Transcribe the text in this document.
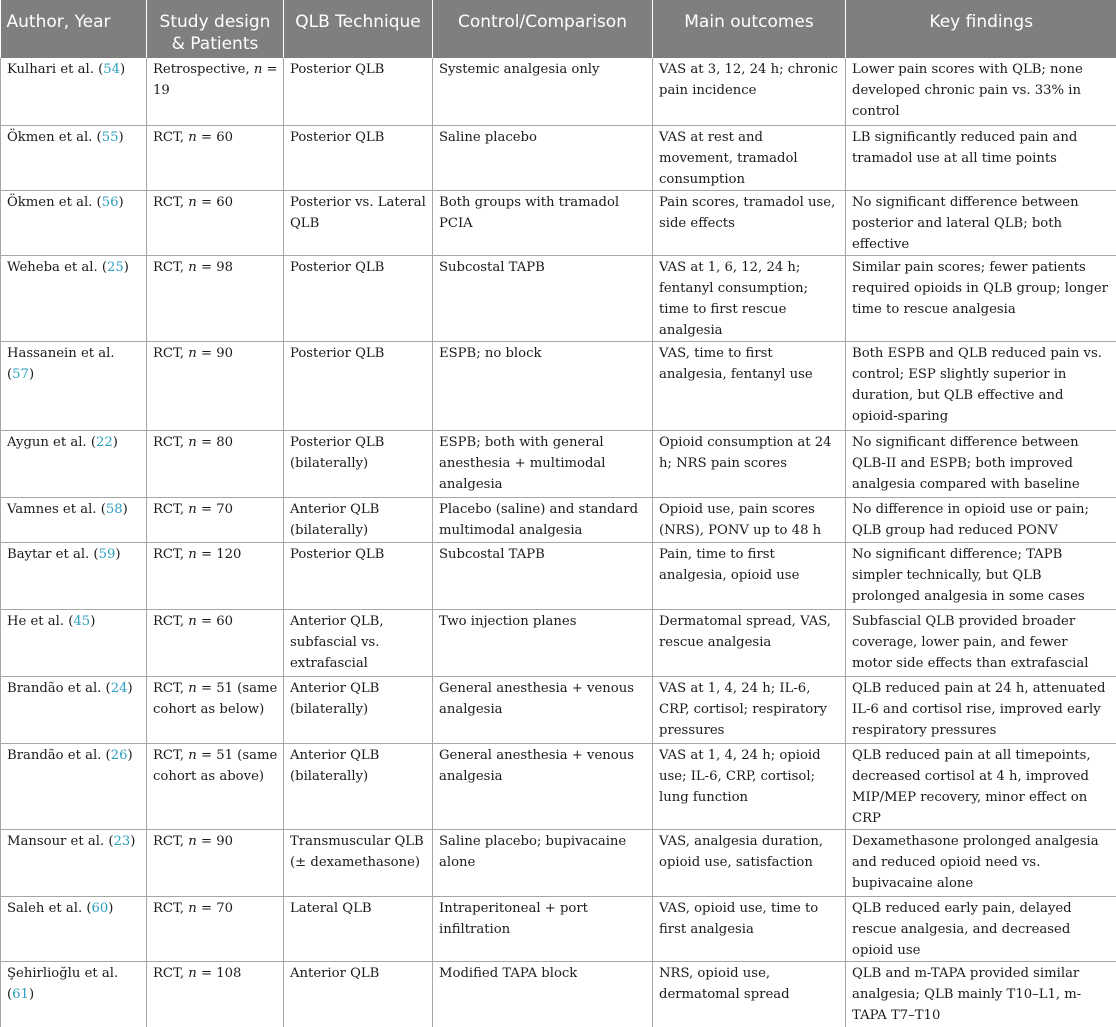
Author, Year	Study design & Patients	QLB Technique	Control/Comparison	Main outcomes	Key findings
Kulhari et al. (54)	Retrospective, n = 19	Posterior QLB	Systemic analgesia only	VAS at 3, 12, 24 h; chronic pain incidence	Lower pain scores with QLB; none developed chronic pain vs. 33% in control
Ökmen et al. (55)	RCT, n = 60	Posterior QLB	Saline placebo	VAS at rest and movement, tramadol consumption	LB significantly reduced pain and tramadol use at all time points
Ökmen et al. (56)	RCT, n = 60	Posterior vs. Lateral QLB	Both groups with tramadol PCIA	Pain scores, tramadol use, side effects	No significant difference between posterior and lateral QLB; both effective
Weheba et al. (25)	RCT, n = 98	Posterior QLB	Subcostal TAPB	VAS at 1, 6, 12, 24 h; fentanyl consumption; time to first rescue analgesia	Similar pain scores; fewer patients required opioids in QLB group; longer time to rescue analgesia
Hassanein et al. (57)	RCT, n = 90	Posterior QLB	ESPB; no block	VAS, time to first analgesia, fentanyl use	Both ESPB and QLB reduced pain vs. control; ESP slightly superior in duration, but QLB effective and opioid-sparing
Aygun et al. (22)	RCT, n = 80	Posterior QLB (bilaterally)	ESPB; both with general anesthesia + multimodal analgesia	Opioid consumption at 24 h; NRS pain scores	No significant difference between QLB-II and ESPB; both improved analgesia compared with baseline
Vamnes et al. (58)	RCT, n = 70	Anterior QLB (bilaterally)	Placebo (saline) and standard multimodal analgesia	Opioid use, pain scores (NRS), PONV up to 48 h	No difference in opioid use or pain; QLB group had reduced PONV
Baytar et al. (59)	RCT, n = 120	Posterior QLB	Subcostal TAPB	Pain, time to first analgesia, opioid use	No significant difference; TAPB simpler technically, but QLB prolonged analgesia in some cases
He et al. (45)	RCT, n = 60	Anterior QLB, subfascial vs. extrafascial	Two injection planes	Dermatomal spread, VAS, rescue analgesia	Subfascial QLB provided broader coverage, lower pain, and fewer motor side effects than extrafascial
Brandão et al. (24)	RCT, n = 51 (same cohort as below)	Anterior QLB (bilaterally)	General anesthesia + venous analgesia	VAS at 1, 4, 24 h; IL-6, CRP, cortisol; respiratory pressures	QLB reduced pain at 24 h, attenuated IL-6 and cortisol rise, improved early respiratory pressures
Brandão et al. (26)	RCT, n = 51 (same cohort as above)	Anterior QLB (bilaterally)	General anesthesia + venous analgesia	VAS at 1, 4, 24 h; opioid use; IL-6, CRP, cortisol; lung function	QLB reduced pain at all timepoints, decreased cortisol at 4 h, improved MIP/MEP recovery, minor effect on CRP
Mansour et al. (23)	RCT, n = 90	Transmuscular QLB (± dexamethasone)	Saline placebo; bupivacaine alone	VAS, analgesia duration, opioid use, satisfaction	Dexamethasone prolonged analgesia and reduced opioid need vs. bupivacaine alone
Saleh et al. (60)	RCT, n = 70	Lateral QLB	Intraperitoneal + port infiltration	VAS, opioid use, time to first analgesia	QLB reduced early pain, delayed rescue analgesia, and decreased opioid use
Şehirlioğlu et al. (61)	RCT, n = 108	Anterior QLB	Modified TAPA block	NRS, opioid use, dermatomal spread	QLB and m-TAPA provided similar analgesia; QLB mainly T10–L1, m-TAPA T7–T10
